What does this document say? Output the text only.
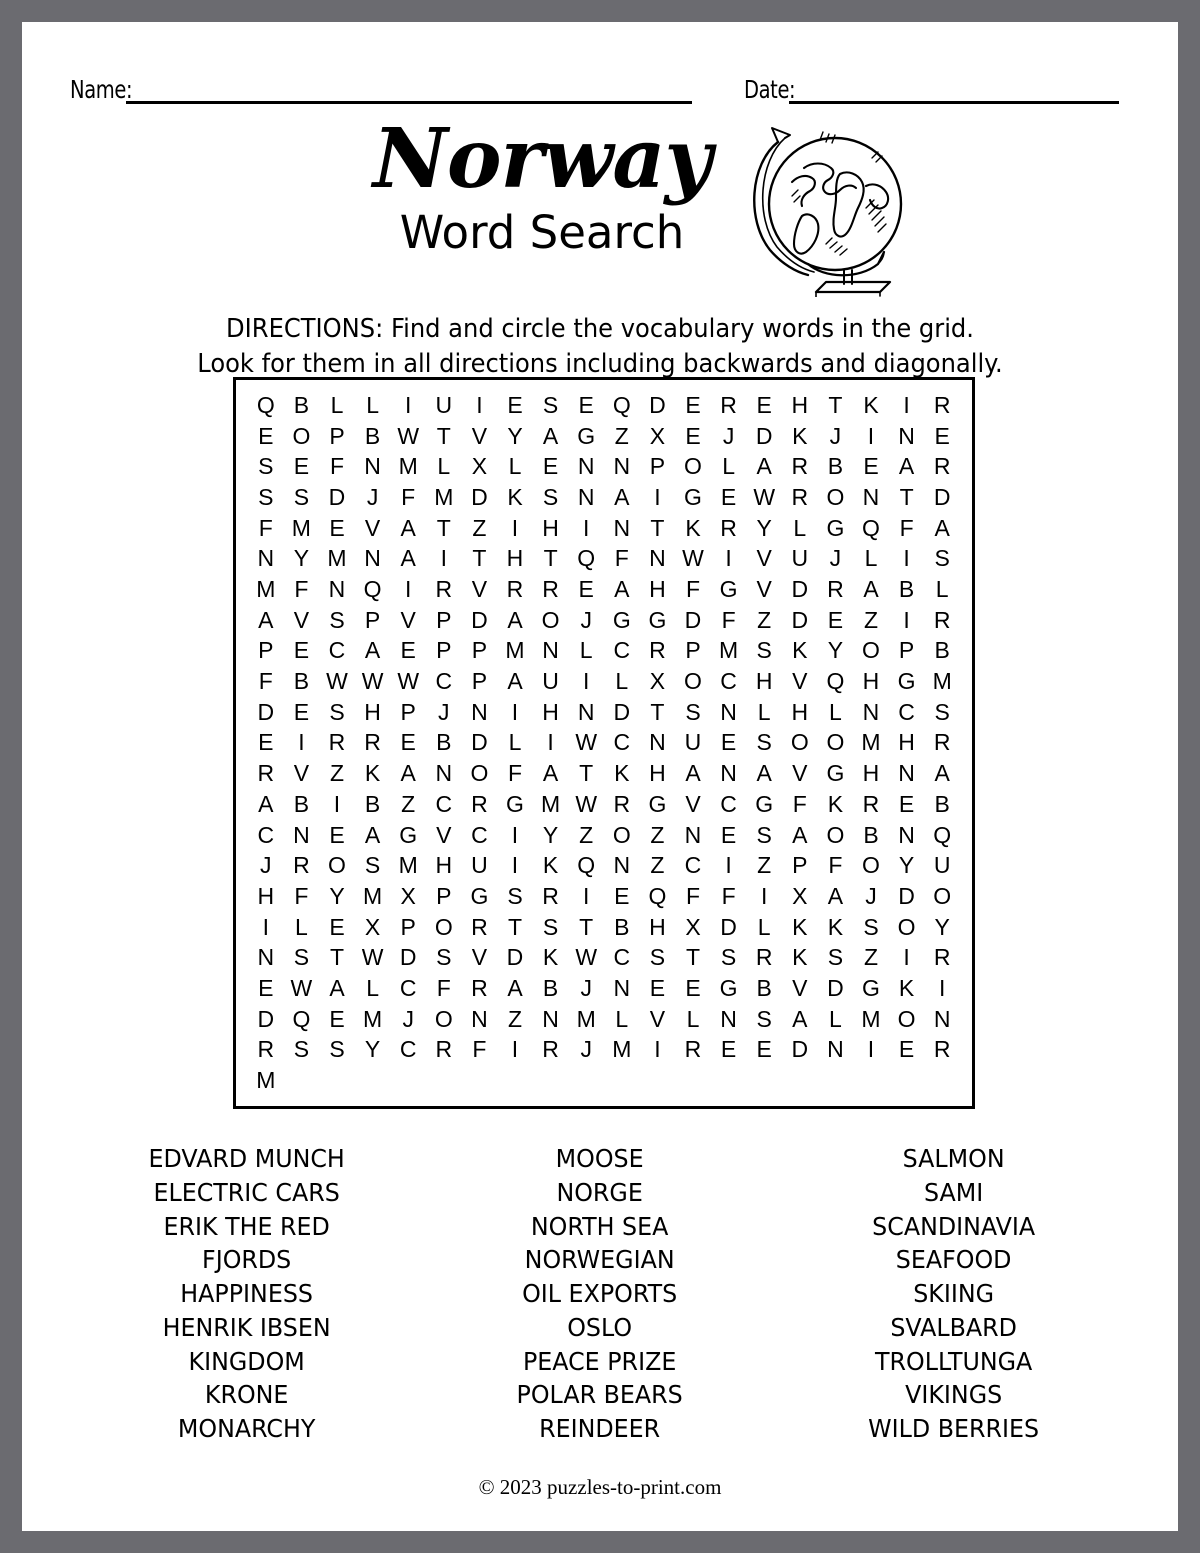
Name:	Date:
Norway
Word Search
DIRECTIONS: Find and circle the vocabulary words in the grid.
Look for them in all directions including backwards and diagonally.
Q B L L	I	U	I	E S E Q D E R E H T K	I	R
E O P B W T V Y A G Z X E J D K J	I	N E
S E F N M L X L E N N P O L A R B E A R
S S D J F M D K S N A	I	G E W R O N T D
F M E V A T Z	I	H	I	N T K R Y L G Q F A
N Y M N A	I	T H T Q F N W I	V U J	L	I	S
M F N Q	I	R V R R E A H F G V D R A B L
A V S P V P D A O J G G D F Z D E Z	I	R
P E C A E P P M N L C R P M S K Y O P B
F B W W W C P A U	I	L X O C H V Q H G M
D E S H P J N	I	H N D T S N L H L N C S
E	I	R R E B D L	I W C N U E S O O M H R
R V Z K A N O F A T K H A N A V G H N A
A B	I	B Z C R G M W R G V C G F K R E B
C N E A G V C	I	Y Z O Z N E S A O B N Q
J R O S M H U	I	K Q N Z C	I	Z P F O Y U
H F Y M X P G S R	I	E Q F F	I	X A J D O
I	L E X P O R T S T B H X D L K K S O Y
N S T W D S V D K W C S T S R K S Z	I	R
E W A L C F R A B J N E E G B V D G K	I
D Q E M J O N Z N M L V L N S A L M O N
R S S Y C R F	I	R J M I	R E E D N	I	E R
M
EDVARD MUNCH
ELECTRIC CARS
ERIK THE RED
FJORDS
HAPPINESS
HENRIK IBSEN
KINGDOM
KRONE
MONARCHY
MOOSE
NORGE
NORTH SEA
NORWEGIAN
OIL EXPORTS
OSLO
PEACE PRIZE
POLAR BEARS
REINDEER
SALMON
SAMI
SCANDINAVIA
SEAFOOD
SKIING
SVALBARD
TROLLTUNGA
VIKINGS
WILD BERRIES
© 2023 puzzles-to-print.com
